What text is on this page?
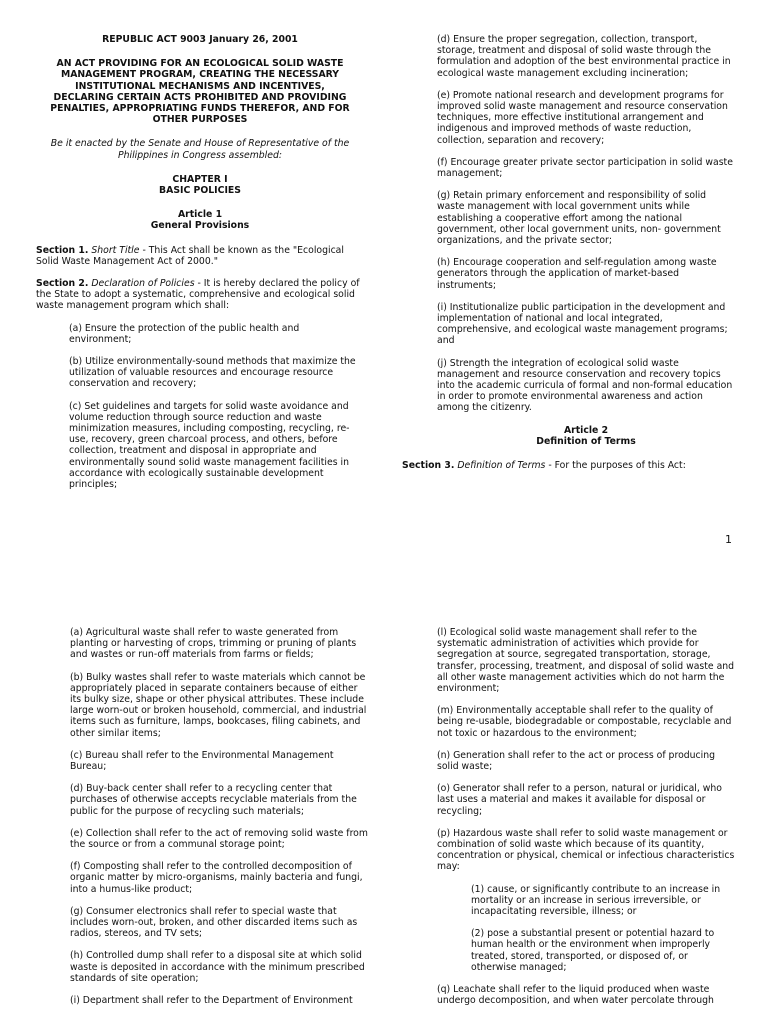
REPUBLIC ACT 9003 January 26, 2001

AN ACT PROVIDING FOR AN ECOLOGICAL SOLID WASTE MANAGEMENT PROGRAM, CREATING THE NECESSARY INSTITUTIONAL MECHANISMS AND INCENTIVES, DECLARING CERTAIN ACTS PROHIBITED AND PROVIDING PENALTIES, APPROPRIATING FUNDS THEREFOR, AND FOR OTHER PURPOSES

Be it enacted by the Senate and House of Representative of the Philippines in Congress assembled:

CHAPTER I

BASIC POLICIES

Article 1

General Provisions

Section 1. Short Title - This Act shall be known as the "Ecological Solid Waste Management Act of 2000."

Section 2. Declaration of Policies - It is hereby declared the policy of the State to adopt a systematic, comprehensive and ecological solid waste management program which shall:

(a) Ensure the protection of the public health and environment;

(b) Utilize environmentally-sound methods that maximize the utilization of valuable resources and encourage resource conservation and recovery;

(c) Set guidelines and targets for solid waste avoidance and volume reduction through source reduction and waste minimization measures, including composting, recycling, re-use, recovery, green charcoal process, and others, before collection, treatment and disposal in appropriate and environmentally sound solid waste management facilities in accordance with ecologically sustainable development principles;

(d) Ensure the proper segregation, collection, transport, storage, treatment and disposal of solid waste through the formulation and adoption of the best environmental practice in ecological waste management excluding incineration;

(e) Promote national research and development programs for improved solid waste management and resource conservation techniques, more effective institutional arrangement and indigenous and improved methods of waste reduction, collection, separation and recovery;

(f) Encourage greater private sector participation in solid waste management;

(g) Retain primary enforcement and responsibility of solid waste management with local government units while establishing a cooperative effort among the national government, other local government units, non- government organizations, and the private sector;

(h) Encourage cooperation and self-regulation among waste generators through the application of market-based instruments;

(i) Institutionalize public participation in the development and implementation of national and local integrated, comprehensive, and ecological waste management programs; and

(j) Strength the integration of ecological solid waste management and resource conservation and recovery topics into the academic curricula of formal and non-formal education in order to promote environmental awareness and action among the citizenry.

Article 2

Definition of Terms

Section 3. Definition of Terms - For the purposes of this Act:

1

(a) Agricultural waste shall refer to waste generated from planting or harvesting of crops, trimming or pruning of plants and wastes or run-off materials from farms or fields;

(b) Bulky wastes shall refer to waste materials which cannot be appropriately placed in separate containers because of either its bulky size, shape or other physical attributes. These include large worn-out or broken household, commercial, and industrial items such as furniture, lamps, bookcases, filing cabinets, and other similar items;

(c) Bureau shall refer to the Environmental Management Bureau;

(d) Buy-back center shall refer to a recycling center that purchases of otherwise accepts recyclable materials from the public for the purpose of recycling such materials;

(e) Collection shall refer to the act of removing solid waste from the source or from a communal storage point;

(f) Composting shall refer to the controlled decomposition of organic matter by micro-organisms, mainly bacteria and fungi, into a humus-like product;

(g) Consumer electronics shall refer to special waste that includes worn-out, broken, and other discarded items such as radios, stereos, and TV sets;

(h) Controlled dump shall refer to a disposal site at which solid waste is deposited in accordance with the minimum prescribed standards of site operation;

(i) Department shall refer to the Department of Environment

(l) Ecological solid waste management shall refer to the systematic administration of activities which provide for segregation at source, segregated transportation, storage, transfer, processing, treatment, and disposal of solid waste and all other waste management activities which do not harm the environment;

(m) Environmentally acceptable shall refer to the quality of being re-usable, biodegradable or compostable, recyclable and not toxic or hazardous to the environment;

(n) Generation shall refer to the act or process of producing solid waste;

(o) Generator shall refer to a person, natural or juridical, who last uses a material and makes it available for disposal or recycling;

(p) Hazardous waste shall refer to solid waste management or combination of solid waste which because of its quantity, concentration or physical, chemical or infectious characteristics may:

(1) cause, or significantly contribute to an increase in mortality or an increase in serious irreversible, or incapacitating reversible, illness; or

(2) pose a substantial present or potential hazard to human health or the environment when improperly treated, stored, transported, or disposed of, or otherwise managed;

(q) Leachate shall refer to the liquid produced when waste undergo decomposition, and when water percolate through
